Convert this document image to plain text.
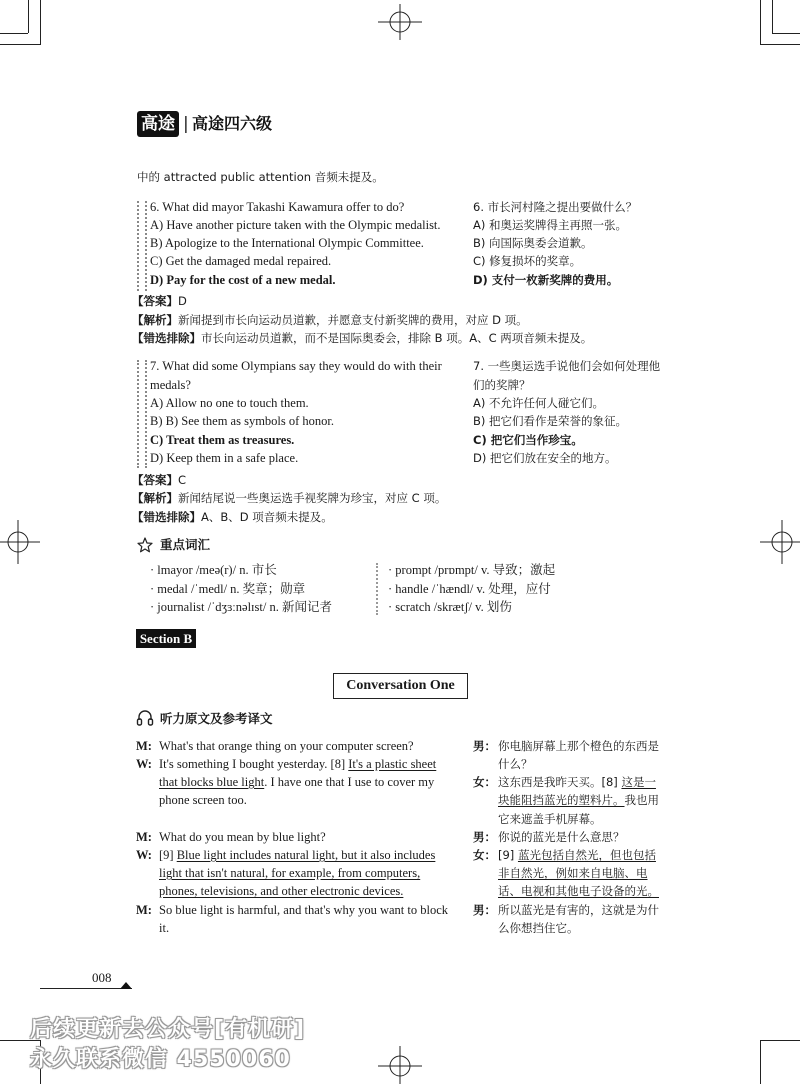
高途 | 高途四六级
中的 attracted public attention 音频未提及。
6. What did mayor Takashi Kawamura offer to do?
A) Have another picture taken with the Olympic medalist.
B) Apologize to the International Olympic Committee.
C) Get the damaged medal repaired.
D) Pay for the cost of a new medal.
6. 市长河村隆之提出要做什么？
A) 和奥运奖牌得主再照一张。
B) 向国际奥委会道歉。
C) 修复损坏的奖章。
D) 支付一枚新奖牌的费用。
【答案】D
【解析】新闻提到市长向运动员道歉，并愿意支付新奖牌的费用，对应 D 项。
【错选排除】市长向运动员道歉，而不是国际奥委会，排除 B 项。A、C 两项音频未提及。
7. What did some Olympians say they would do with their
medals?
A) Allow no one to touch them.
B) B) See them as symbols of honor.
C) Treat them as treasures.
D) Keep them in a safe place.
7. 一些奥运选手说他们会如何处理他
们的奖牌？
A) 不允许任何人碰它们。
B) 把它们看作是荣誉的象征。
C) 把它们当作珍宝。
D) 把它们放在安全的地方。
【答案】C
【解析】新闻结尾说一些奥运选手视奖牌为珍宝，对应 C 项。
【错选排除】A、B、D 项音频未提及。
重点词汇
· lmayor /meə(r)/ n. 市长
· medal /ˈmedl/ n. 奖章；勋章
· journalist /ˈdʒɜːnəlɪst/ n. 新闻记者
· prompt /prɒmpt/ v. 导致；激起
· handle /ˈhændl/ v. 处理，应付
· scratch /skrætʃ/ v. 划伤
Section B
Conversation One
听力原文及参考译文
M: What's that orange thing on your computer screen?
W: It's something I bought yesterday. [8] It's a plastic sheet
that blocks blue light. I have one that I use to cover my
phone screen too.
M: What do you mean by blue light?
W: [9] Blue light includes natural light, but it also includes
light that isn't natural, for example, from computers,
phones, televisions, and other electronic devices.
M: So blue light is harmful, and that's why you want to block
it.
男： 你电脑屏幕上那个橙色的东西是
什么？
女： 这东西是我昨天买。[8] 这是一
块能阻挡蓝光的塑料片。我也用
它来遮盖手机屏幕。
男： 你说的蓝光是什么意思？
女： [9] 蓝光包括自然光，但也包括
非自然光，例如来自电脑、电
话、电视和其他电子设备的光。
男： 所以蓝光是有害的，这就是为什
么你想挡住它。
008
后续更新去公众号[有机研]
永久联系微信 4550060
